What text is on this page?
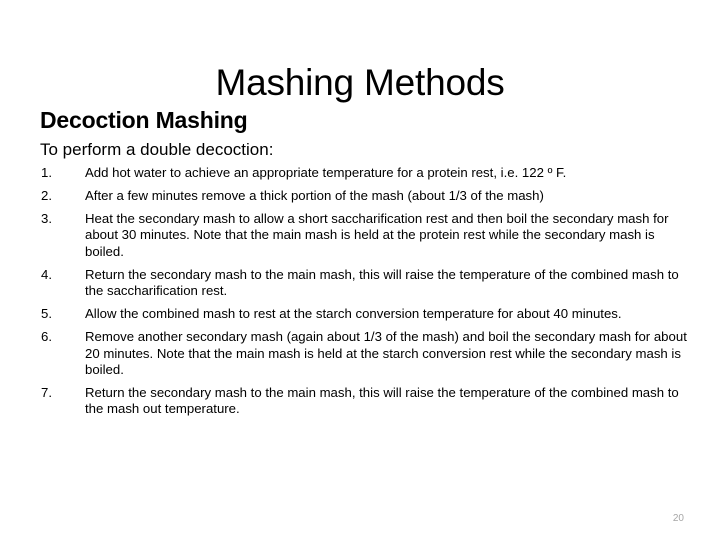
Mashing Methods
Decoction Mashing

To perform a double decoction:

1.	Add hot water to achieve an appropriate temperature for a protein rest, i.e. 122 º F.
2.	After a few minutes remove a thick portion of the mash (about 1/3 of the mash)
3.	Heat the secondary mash to allow a short saccharification rest and then boil the secondary mash for about 30 minutes. Note that the main mash is held at the protein rest while the secondary mash is boiled.
4.	Return the secondary mash to the main mash, this will raise the temperature of the combined mash to the saccharification rest.
5.	Allow the combined mash to rest at the starch conversion temperature for about 40 minutes.
6.	Remove another secondary mash (again about 1/3 of the mash) and boil the secondary mash for about 20 minutes. Note that the main mash is held at the starch conversion rest while the secondary mash is boiled.
7.	Return the secondary mash to the main mash, this will raise the temperature of the combined mash to the mash out temperature.
20
